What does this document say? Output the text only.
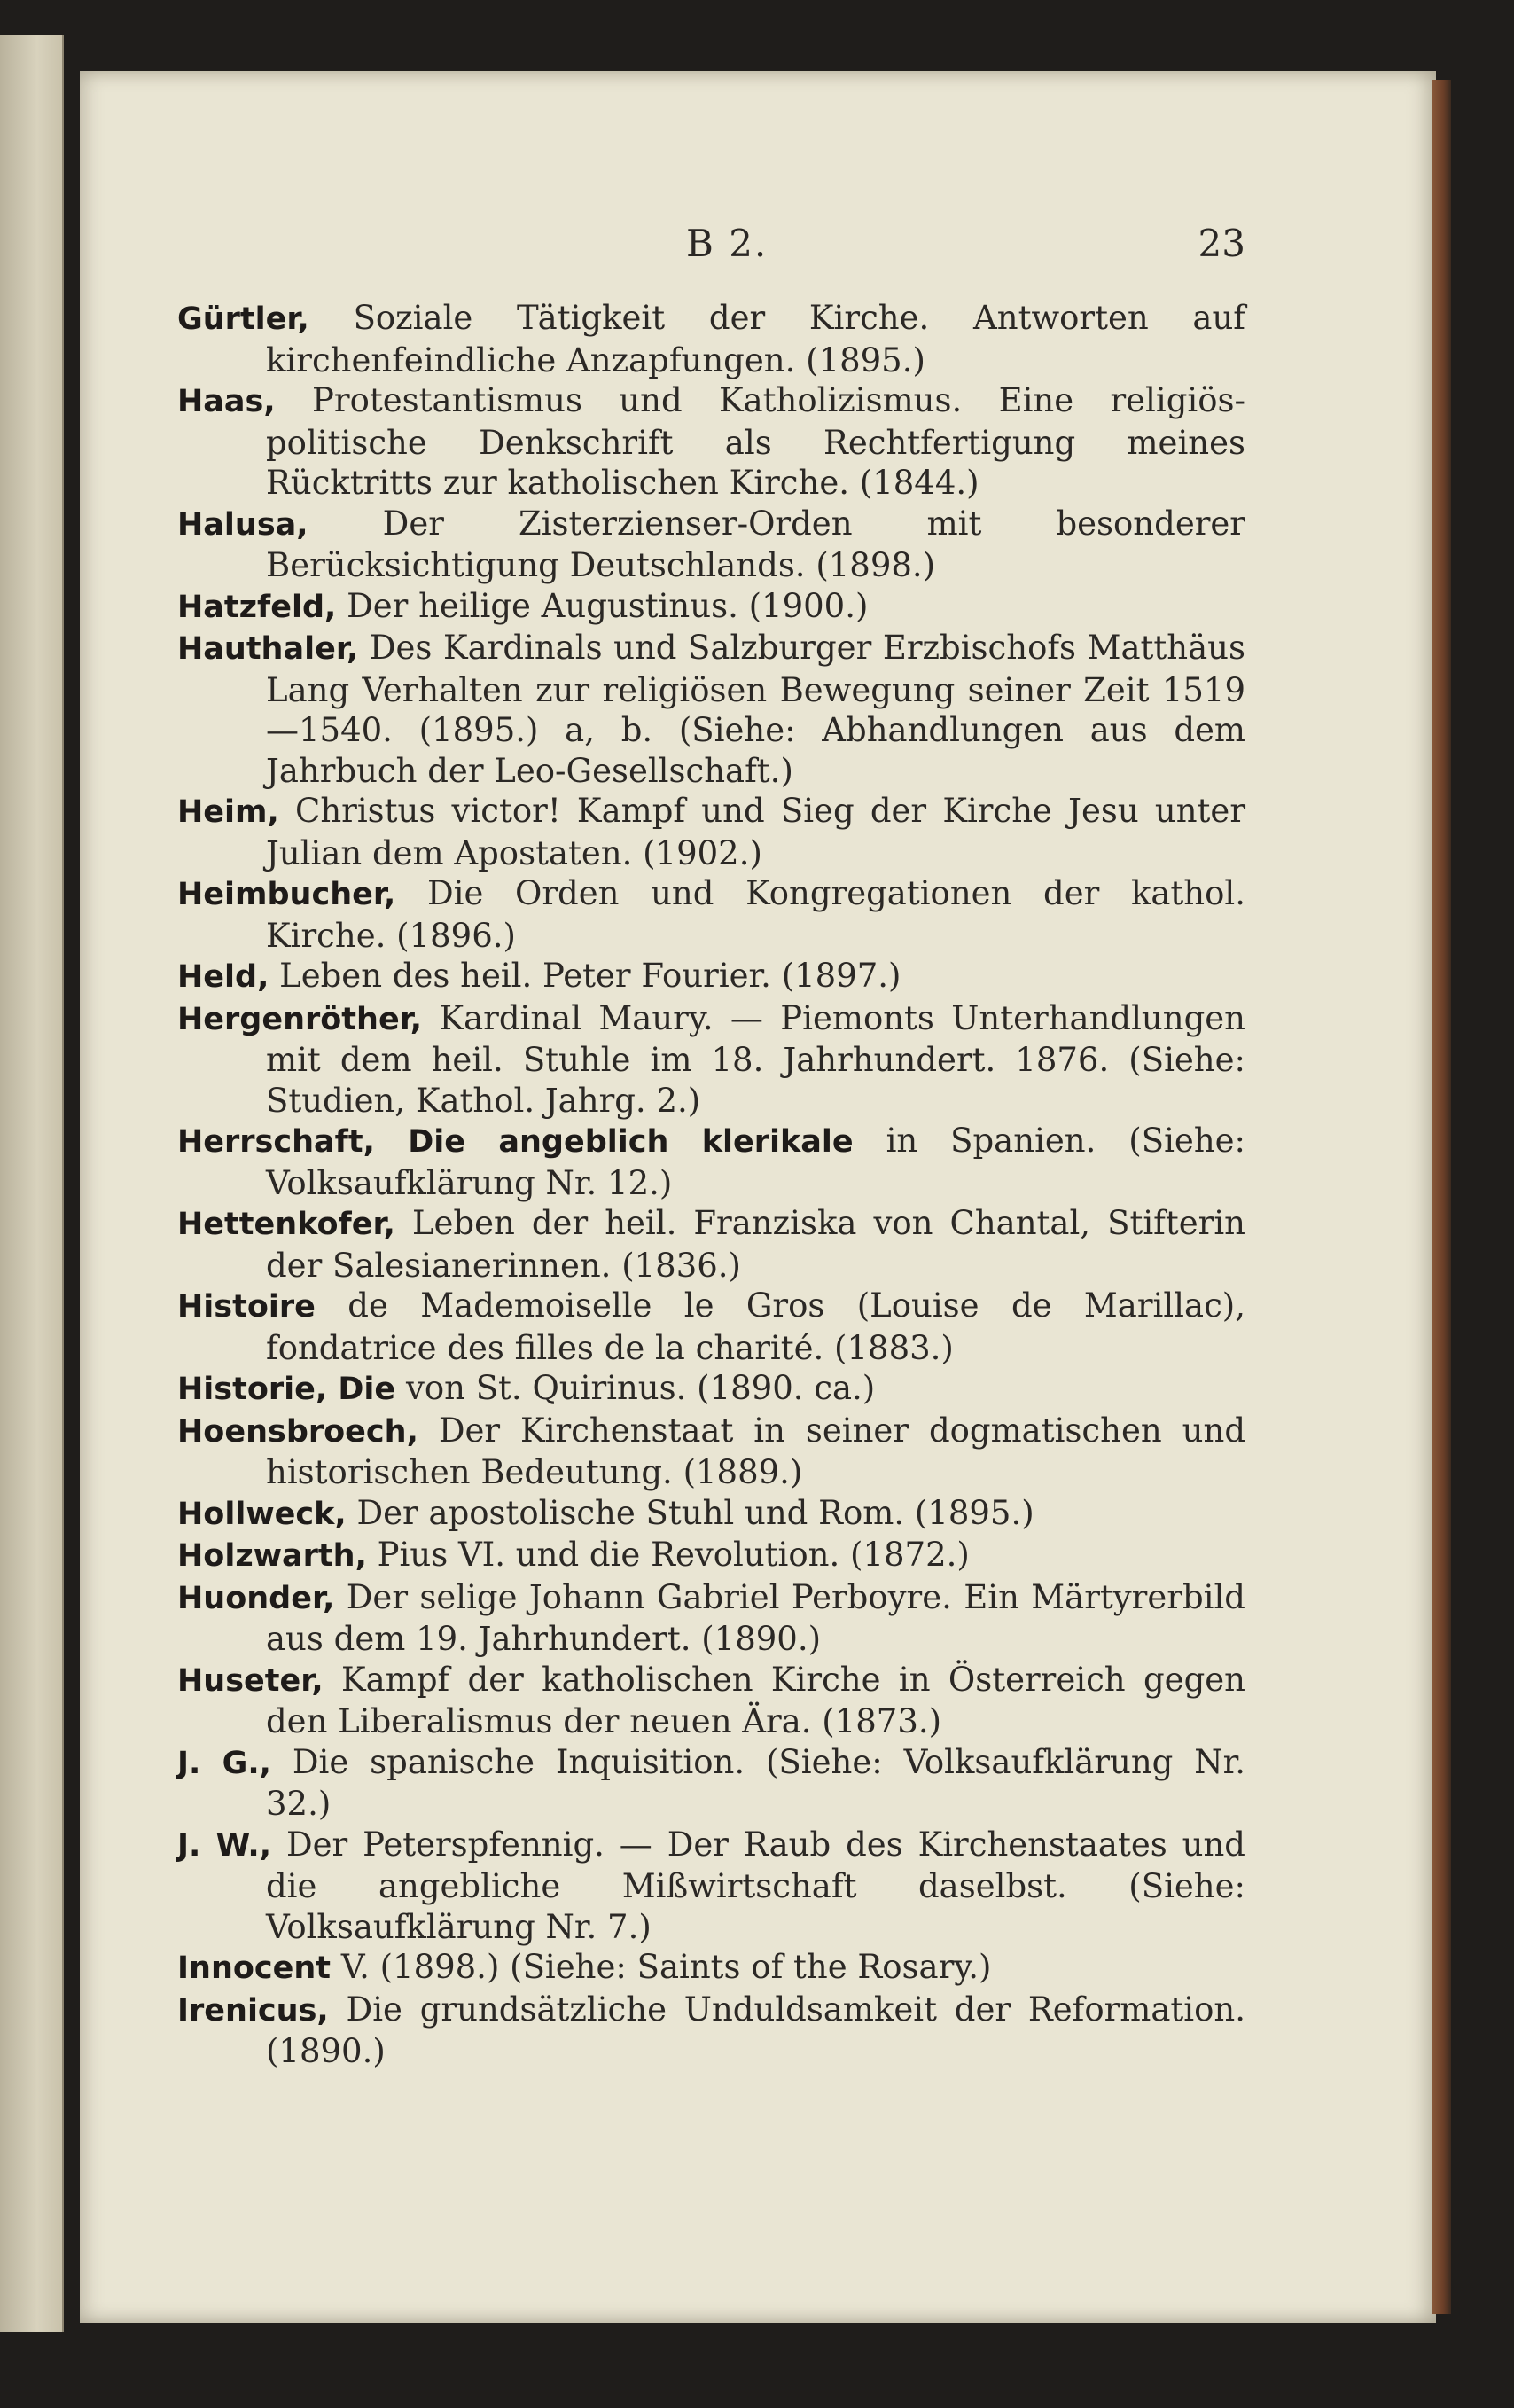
B 2.	23

Gürtler, Soziale Tätigkeit der Kirche. Antworten auf kirchenfeindliche Anzapfungen. (1895.)

Haas, Protestantismus und Katholizismus. Eine religiös-politische Denkschrift als Rechtfertigung meines Rücktritts zur katholischen Kirche. (1844.)

Halusa, Der Zisterzienser-Orden mit besonderer Berücksichtigung Deutschlands. (1898.)

Hatzfeld, Der heilige Augustinus. (1900.)

Hauthaler, Des Kardinals und Salzburger Erzbischofs Matthäus Lang Verhalten zur religiösen Bewegung seiner Zeit 1519—1540. (1895.) a, b. (Siehe: Abhandlungen aus dem Jahrbuch der Leo-Gesellschaft.)

Heim, Christus victor! Kampf und Sieg der Kirche Jesu unter Julian dem Apostaten. (1902.)

Heimbucher, Die Orden und Kongregationen der kathol. Kirche. (1896.)

Held, Leben des heil. Peter Fourier. (1897.)

Hergenröther, Kardinal Maury. — Piemonts Unterhandlungen mit dem heil. Stuhle im 18. Jahrhundert. 1876. (Siehe: Studien, Kathol. Jahrg. 2.)

Herrschaft, Die angeblich klerikale in Spanien. (Siehe: Volksaufklärung Nr. 12.)

Hettenkofer, Leben der heil. Franziska von Chantal, Stifterin der Salesianerinnen. (1836.)

Histoire de Mademoiselle le Gros (Louise de Marillac), fondatrice des filles de la charité. (1883.)

Historie, Die von St. Quirinus. (1890. ca.)

Hoensbroech, Der Kirchenstaat in seiner dogmatischen und historischen Bedeutung. (1889.)

Hollweck, Der apostolische Stuhl und Rom. (1895.)

Holzwarth, Pius VI. und die Revolution. (1872.)

Huonder, Der selige Johann Gabriel Perboyre. Ein Märtyrerbild aus dem 19. Jahrhundert. (1890.)

Huseter, Kampf der katholischen Kirche in Österreich gegen den Liberalismus der neuen Ära. (1873.)

J. G., Die spanische Inquisition. (Siehe: Volksaufklärung Nr. 32.)

J. W., Der Peterspfennig. — Der Raub des Kirchenstaates und die angebliche Mißwirtschaft daselbst. (Siehe: Volksaufklärung Nr. 7.)

Innocent V. (1898.) (Siehe: Saints of the Rosary.)

Irenicus, Die grundsätzliche Unduldsamkeit der Reformation. (1890.)
